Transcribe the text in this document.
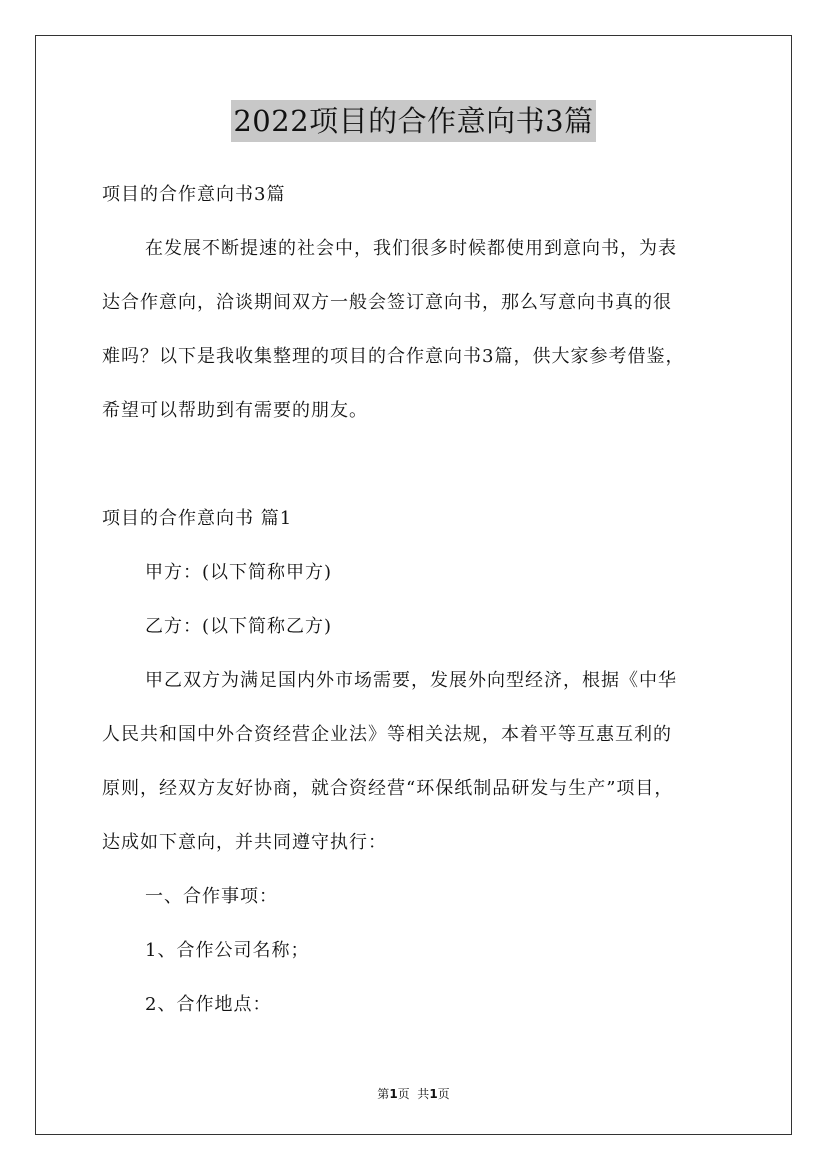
2022项目的合作意向书3篇
项目的合作意向书3篇
在发展不断提速的社会中，我们很多时候都使用到意向书，为表
达合作意向，洽谈期间双方一般会签订意向书，那么写意向书真的很
难吗？以下是我收集整理的项目的合作意向书3篇，供大家参考借鉴，
希望可以帮助到有需要的朋友。
项目的合作意向书 篇1
甲方：(以下简称甲方)
乙方：(以下简称乙方)
甲乙双方为满足国内外市场需要，发展外向型经济，根据《中华
人民共和国中外合资经营企业法》等相关法规，本着平等互惠互利的
原则，经双方友好协商，就合资经营“环保纸制品研发与生产”项目，
达成如下意向，并共同遵守执行：
一、合作事项：
1、合作公司名称；
2、合作地点：
第1页  共1页
